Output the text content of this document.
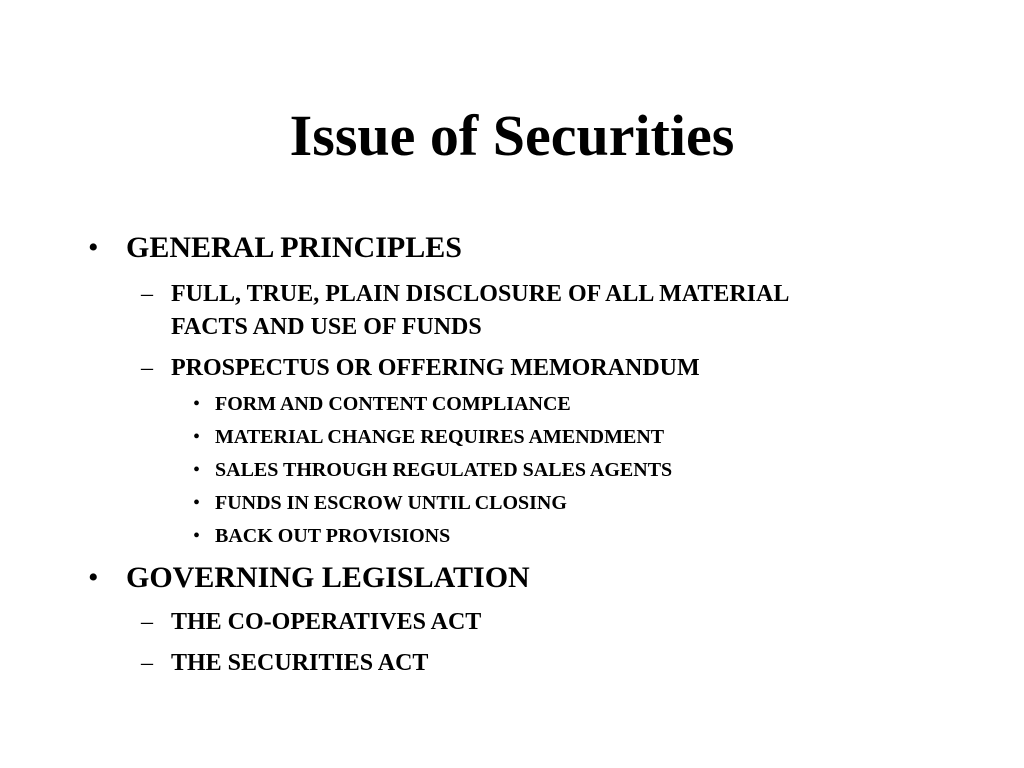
Issue of Securities
• GENERAL PRINCIPLES
– FULL, TRUE, PLAIN DISCLOSURE OF ALL MATERIAL
FACTS AND USE OF FUNDS
– PROSPECTUS OR OFFERING MEMORANDUM
• FORM AND CONTENT COMPLIANCE
• MATERIAL CHANGE REQUIRES AMENDMENT
• SALES THROUGH REGULATED SALES AGENTS
• FUNDS IN ESCROW UNTIL CLOSING
• BACK OUT PROVISIONS
• GOVERNING LEGISLATION
– THE CO-OPERATIVES ACT
– THE SECURITIES ACT
